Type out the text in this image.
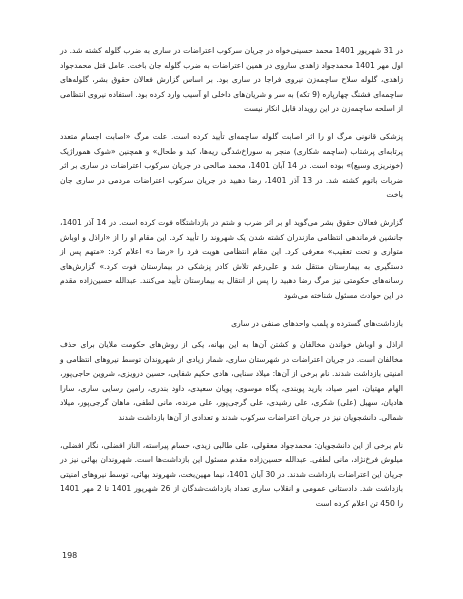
در 31 شهریور 1401 محمد حسینی‌خواه در جریان سرکوب اعتراضات در ساری به ضرب گلوله کشته شد. در اول مهر 1401 محمدجواد زاهدی ساروی در همین اعتراضات به ضرب گلوله جان باخت. عامل قتل محمدجواد زاهدی، گلوله سلاح ساچمه‌زن نیروی فراجا در ساری بود. بر اساس گزارش فعالان حقوق بشر، گلوله‌های ساچمه‌ای فشنگ چهارپاره (9 تکه) به سر و شریان‌های داخلی او آسیب وارد کرده بود. استفاده نیروی انتظامی از اسلحه ساچمه‌زن در این رویداد قابل انکار نیست

پزشکی قانونی مرگ او را اثر اصابت گلوله ساچمه‌ای تأیید کرده است. علت مرگ «اصابت اجسام متعدد پرتابه‌ای پرشتاب (ساچمه شکاری) منجر به سوراخ‌شدگی ریه‌ها، کبد و طحال» و همچنین «شوک هموراژیک (خونریزی وسیع)» بوده است. در 14 آبان 1401، محمد صالحی در جریان سرکوب اعتراضات در ساری بر اثر ضربات باتوم کشته شد. در 13 آذر 1401، رضا دهبید در جریان سرکوب اعتراضات مردمی در ساری جان باخت

گزارش فعالان حقوق بشر می‌گوید او بر اثر ضرب و شتم در بازداشتگاه فوت کرده است. در 14 آذر 1401، جانشین فرماندهی انتظامی مازندران کشته شدن یک شهروند را تأیید کرد. این مقام او را از «اراذل و اوباش متواری و تحت تعقیب» معرفی کرد. این مقام انتظامی هویت فرد را «رضا د» اعلام کرد: «متهم پس از دستگیری به بیمارستان منتقل شد و علی‌رغم تلاش کادر پزشکی در بیمارستان فوت کرد.» گزارش‌های رسانه‌های حکومتی نیز مرگ رضا دهبید را پس از انتقال به بیمارستان تأیید می‌کنند. عبدالله حسین‌زاده مقدم در این حوادث مسئول شناخته می‌شود

بازداشت‌های گسترده و پلمب واحدهای صنفی در ساری

اراذل و اوباش خواندن مخالفان و کشتن آن‌ها به این بهانه، یکی از روش‌های حکومت ملایان برای حذف مخالفان است. در جریان اعتراضات در شهرستان ساری، شمار زیادی از شهروندان توسط نیروهای انتظامی و امنیتی بازداشت شدند. نام برخی از آن‌ها: میلاد سنایی، هادی حکیم شفایی، حسین درویزی، شروین حاجی‌پور، الهام مهتیان، امیر صیاد، بارید پوبندی، پگاه موسوی، پویان سعیدی، داود بندری، رامین رسایی ساری، سارا هادیان، سهیل (علی) شکری، علی رشیدی، علی گرجی‌پور، علی مرنده، مانی لطفی، ماهان گرجی‌پور، میلاد شمالی. دانشجویان نیز در جریان اعتراضات سرکوب شدند و تعدادی از آن‌ها بازداشت شدند

نام برخی از این دانشجویان: محمدجواد معقولی، علی طالبی زیدی، حسام پیراسته، الناز افضلی، نگار افضلی، میلوش فرخ‌نژاد، مانی لطفی. عبدالله حسین‌زاده مقدم مسئول این بازداشت‌ها است. شهروندان بهائی نیز در جریان این اعتراضات بازداشت شدند. در 30 آبان 1401، نیما مهین‌بخت، شهروند بهائی، توسط نیروهای امنیتی بازداشت شد. دادستانی عمومی و انقلاب ساری تعداد بازداشت‌شدگان از 26 شهریور 1401 تا 2 مهر 1401 را 450 تن اعلام کرده است

198
